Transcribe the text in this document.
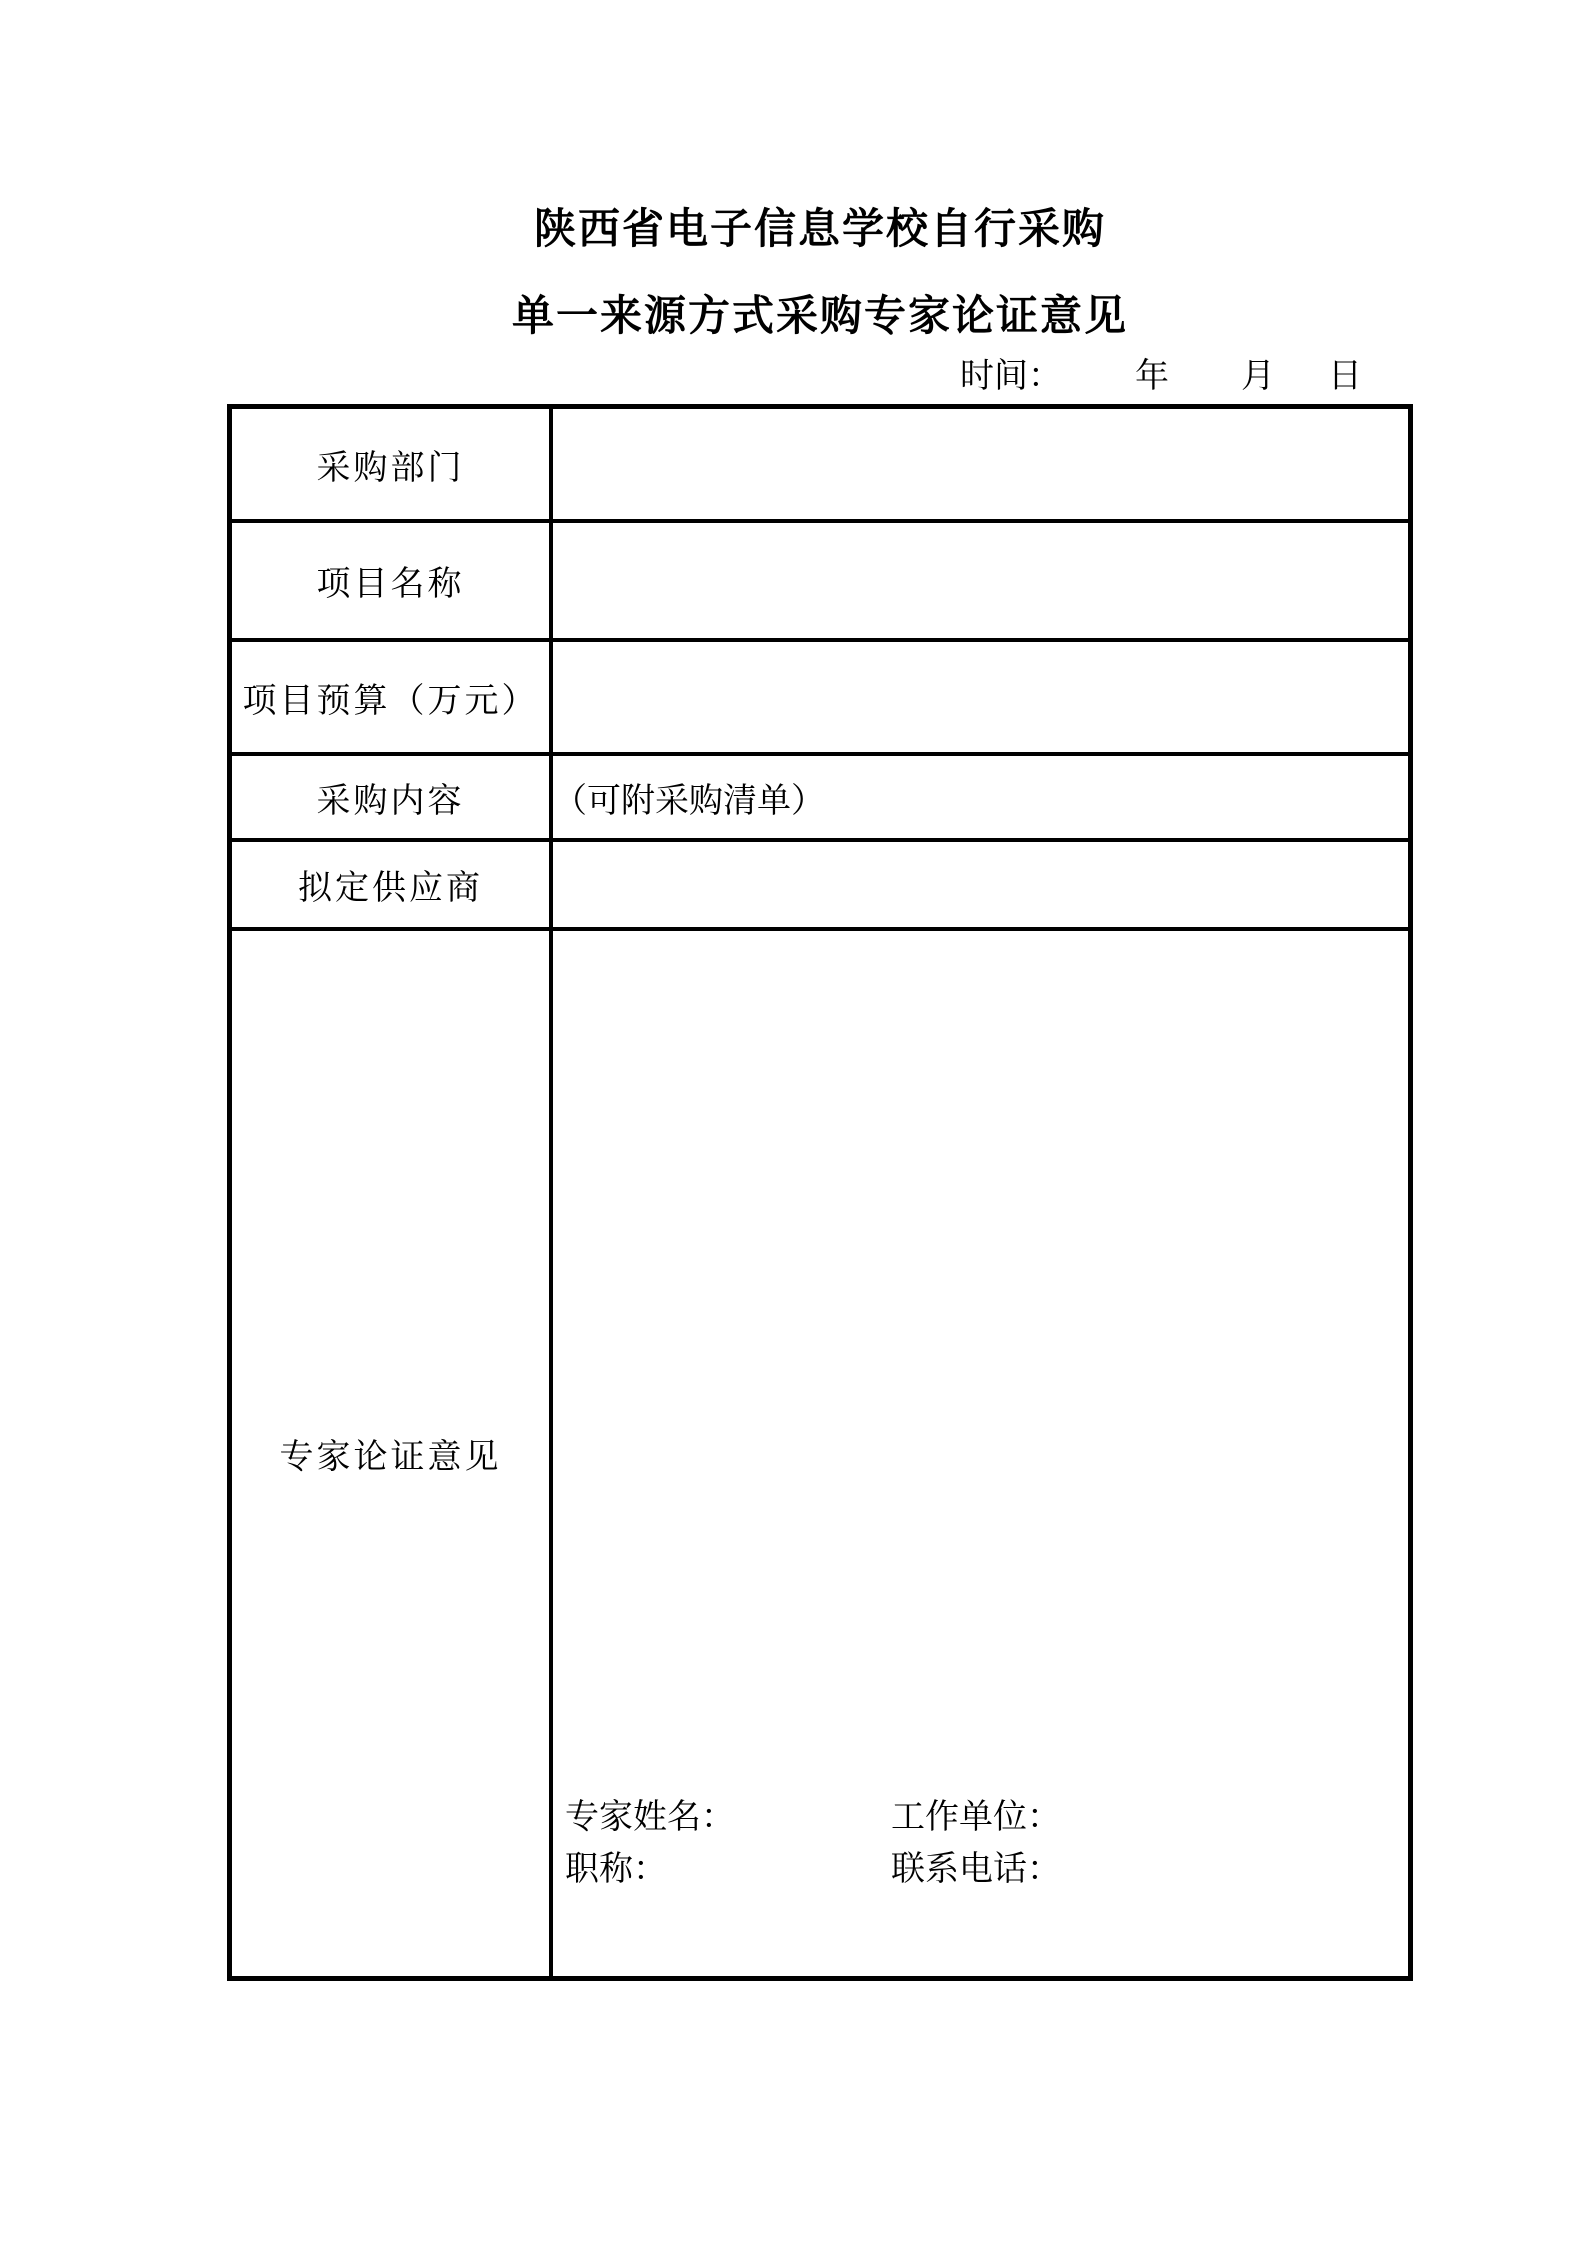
陕西省电子信息学校自行采购
单一来源方式采购专家论证意见
时间： 年 月 日
采购部门	
项目名称	
项目预算（万元）	
采购内容	（可附采购清单）
拟定供应商	
专家论证意见	专家姓名： 工作单位：
职称： 联系电话：
